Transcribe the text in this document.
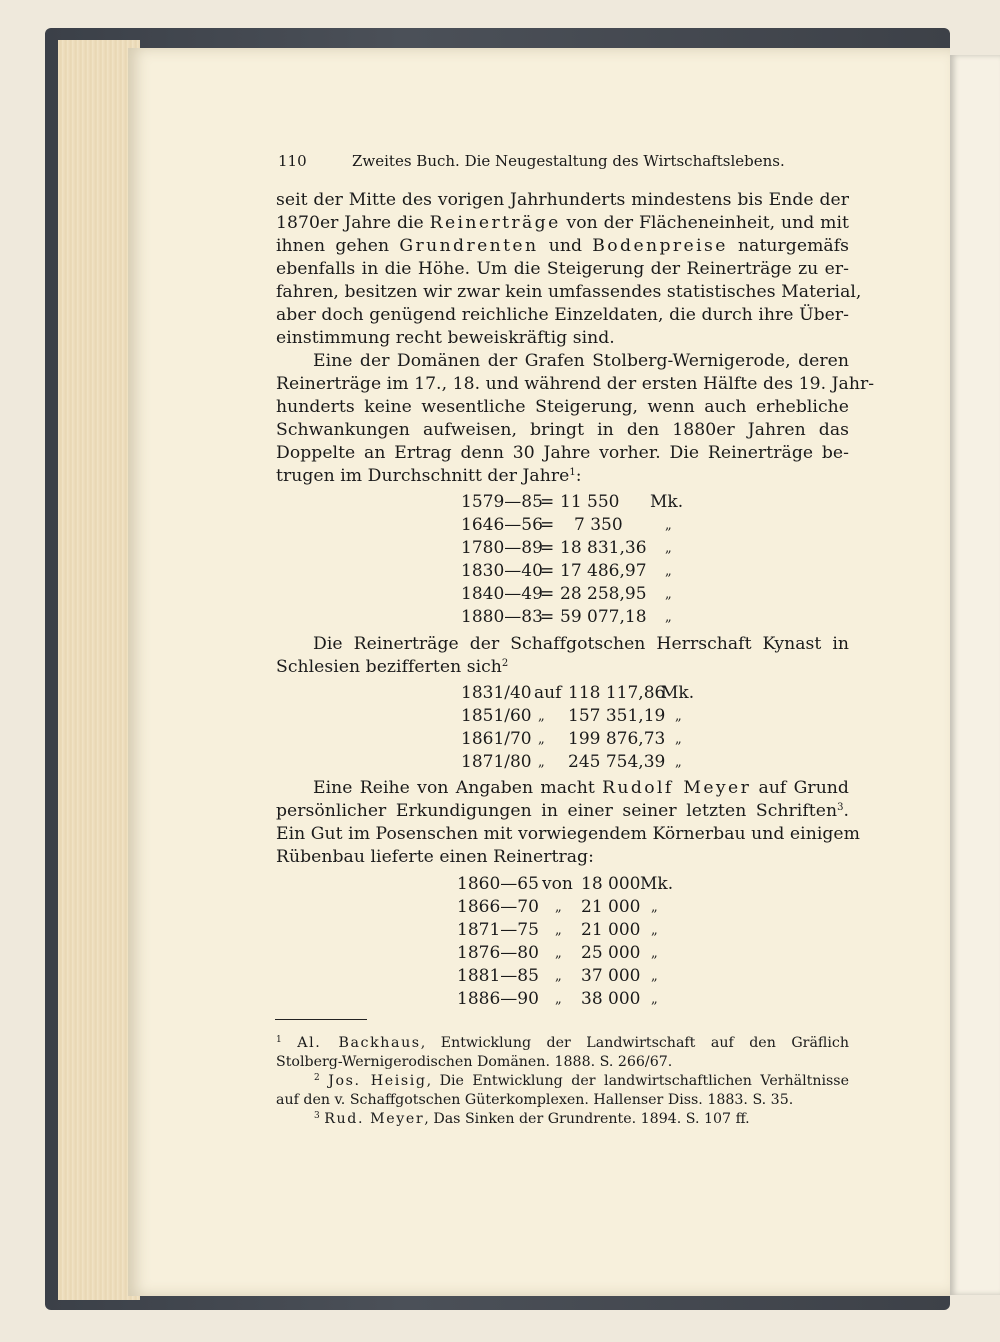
110	Zweites Buch. Die Neugestaltung des Wirtschaftslebens.
seit der Mitte des vorigen Jahrhunderts mindestens bis Ende der
1870er Jahre die Reinerträge von der Flächeneinheit, und mit
ihnen gehen Grundrenten und Bodenpreise naturgemäfs
ebenfalls in die Höhe. Um die Steigerung der Reinerträge zu er-
fahren, besitzen wir zwar kein umfassendes statistisches Material,
aber doch genügend reichliche Einzeldaten, die durch ihre Über-
einstimmung recht beweiskräftig sind.
Eine der Domänen der Grafen Stolberg-Wernigerode, deren
Reinerträge im 17., 18. und während der ersten Hälfte des 19. Jahr-
hunderts keine wesentliche Steigerung, wenn auch erhebliche
Schwankungen aufweisen, bringt in den 1880er Jahren das
Doppelte an Ertrag denn 30 Jahre vorher. Die Reinerträge be-
trugen im Durchschnitt der Jahre$^1$:
1579—85
= 11 550 Mk.
1646—56
= 7 350	„
1780—89
= 18 831,36 „
1830—40
= 17 486,97 „
1840—49
= 28 258,95 „
1880—83
= 59 077,18 „
Die Reinerträge der Schaffgotschen Herrschaft Kynast in
Schlesien bezifferten sich$^2$
1831/40 auf 118 117,86
Mk.
1851/60 „ 157 351,19 „
1861/70 „ 199 876,73 „
1871/80 „ 245 754,39 „
Eine Reihe von Angaben macht Rudolf Meyer auf Grund
persönlicher Erkundigungen in einer seiner letzten Schriften$^3$.
Ein Gut im Posenschen mit vorwiegendem Körnerbau und einigem
Rübenbau lieferte einen Reinertrag:
1860—65 von 18 000 Mk.
1866—70 „ 21 000 „
1871—75 „ 21 000 „
1876—80 „ 25 000 „
1881—85 „ 37 000 „
1886—90 „ 38 000 „
$^1$ Al. Backhaus, Entwicklung der Landwirtschaft auf den Gräflich
Stolberg-Wernigerodischen Domänen. 1888. S. 266/67.
$^2$ Jos. Heisig, Die Entwicklung der landwirtschaftlichen Verhältnisse
auf den v. Schaffgotschen Güterkomplexen. Hallenser Diss. 1883. S. 35.
$^3$ Rud. Meyer, Das Sinken der Grundrente. 1894. S. 107 ff.
